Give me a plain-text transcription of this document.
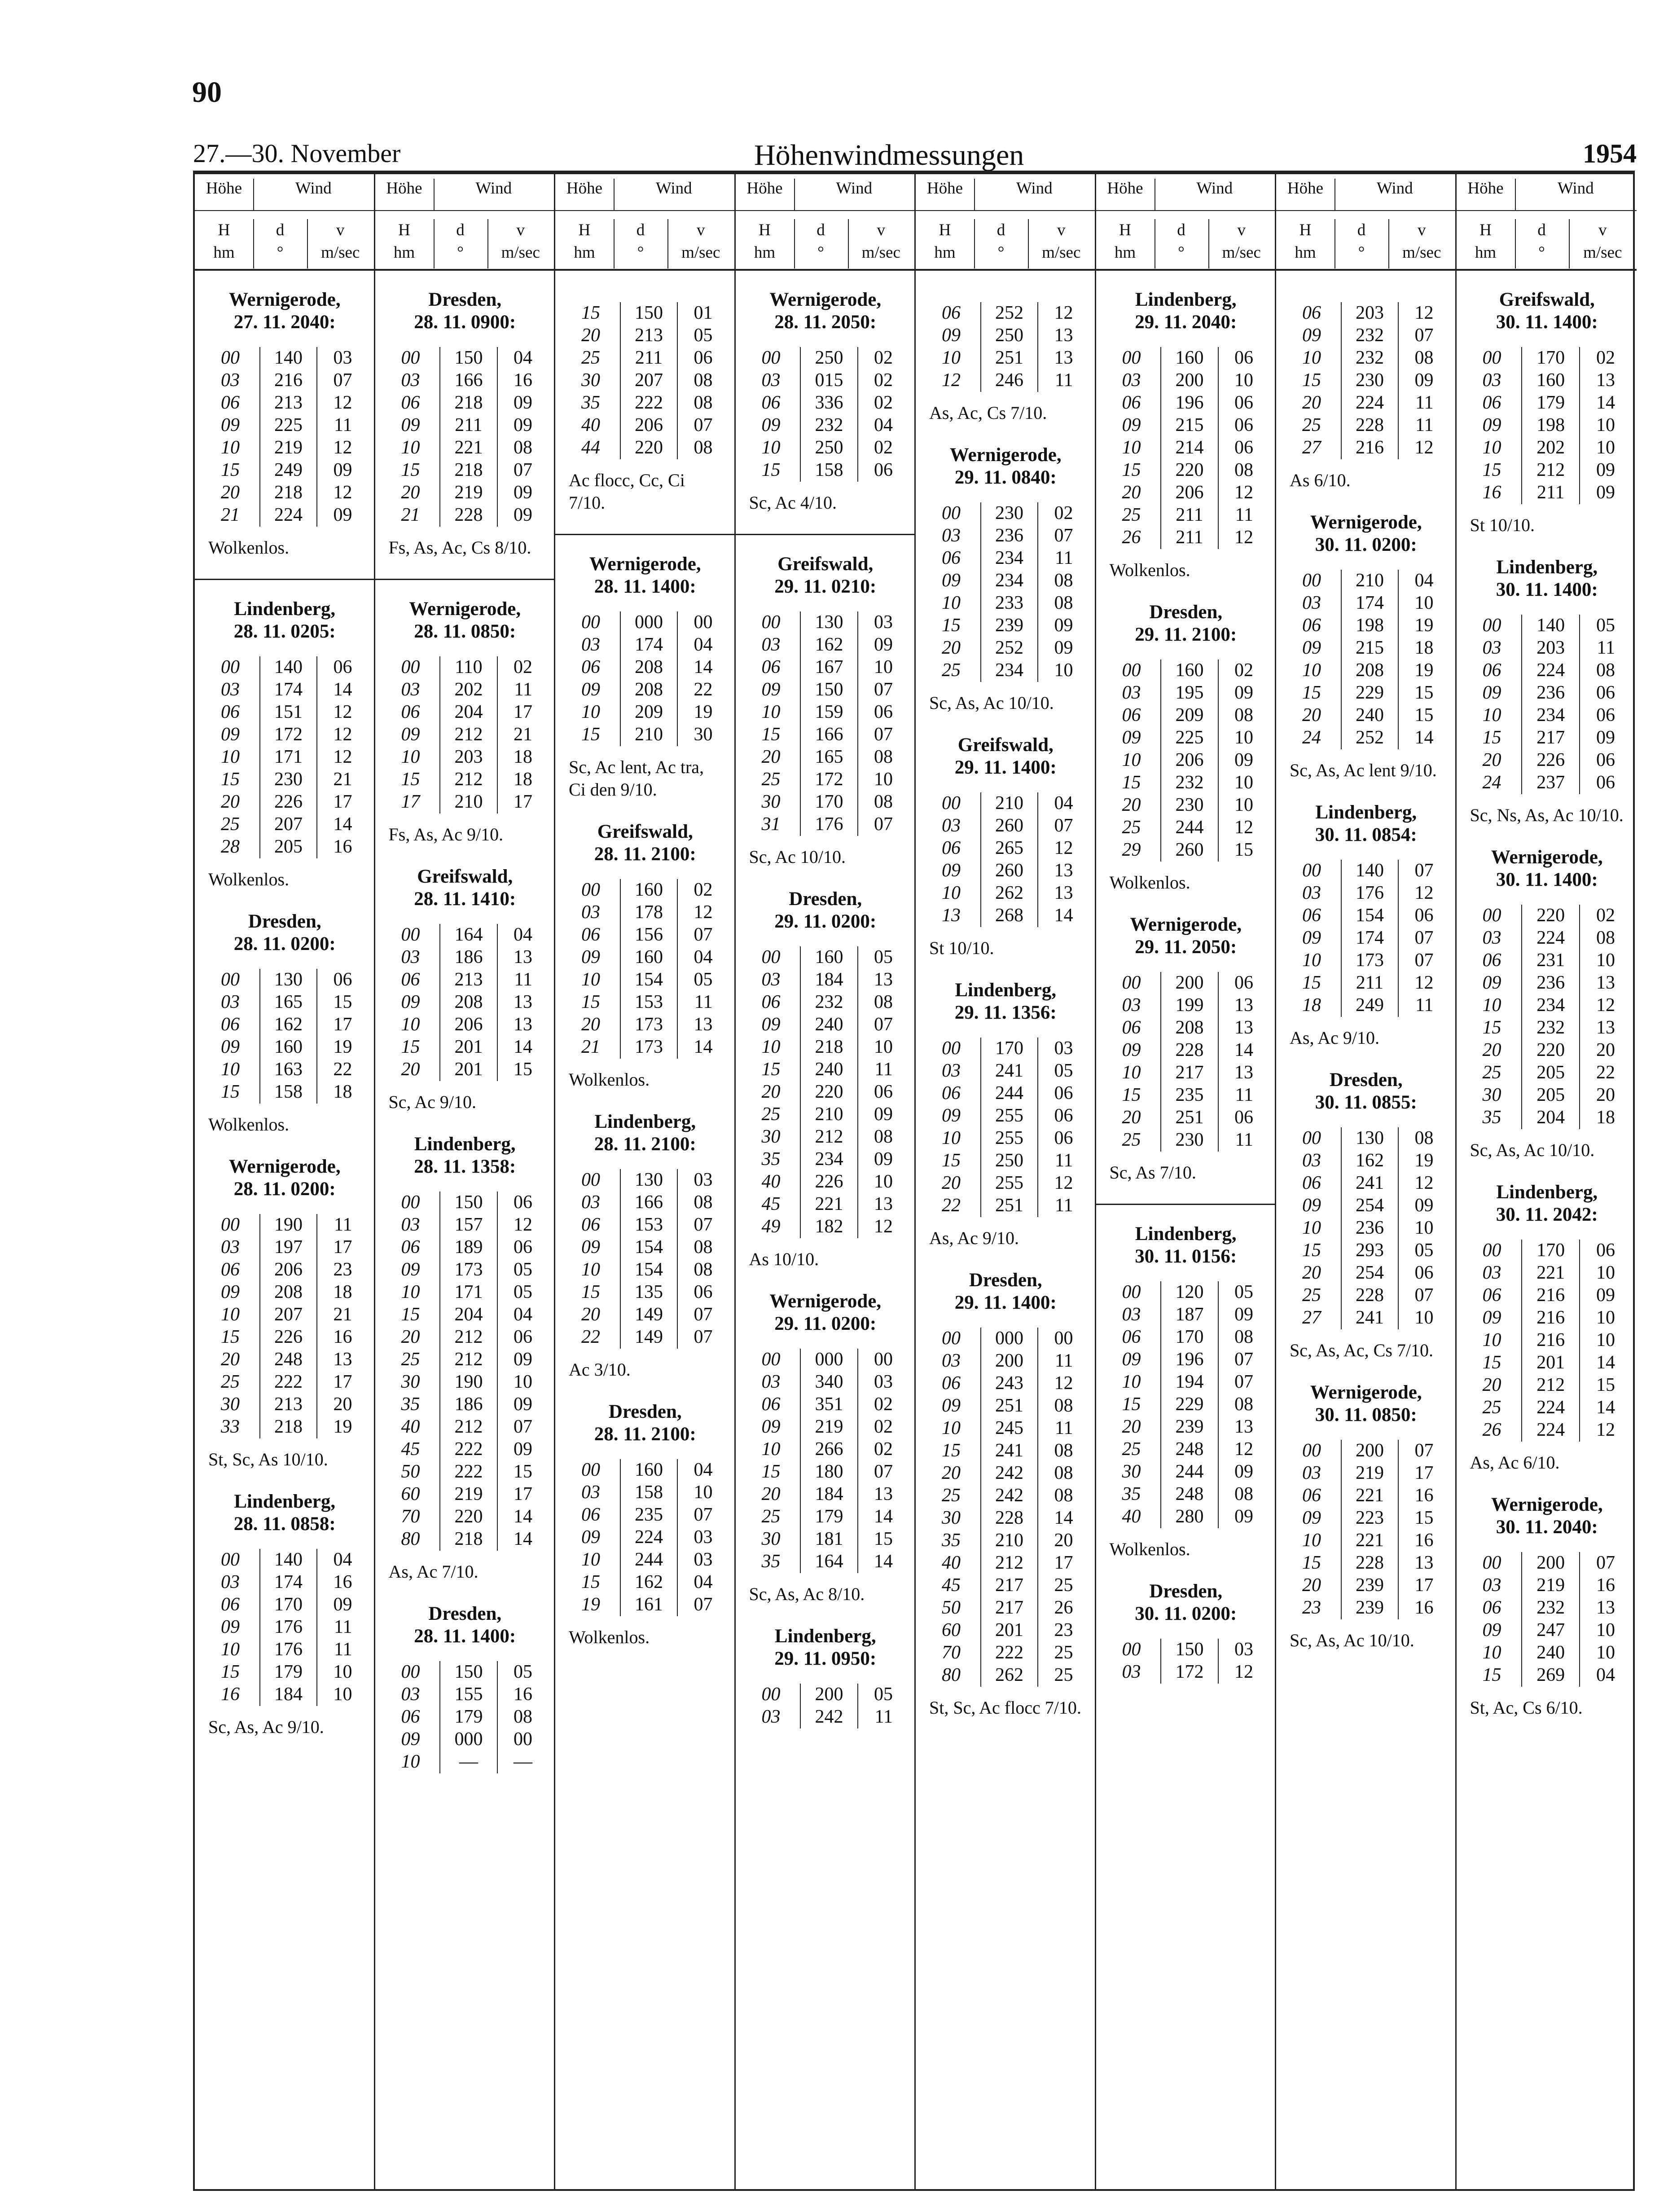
90
27.—30. November	Höhenwindmessungen	1954
Höhe	Wind
H
hm
d
°
v
m/sec
Wernigerode,
27. 11. 2040:
00	140	03
03	216	07
06	213	12
09	225	11
10	219	12
15	249	09
20	218	12
21	224	09
Wolkenlos.
Lindenberg,
28. 11. 0205:
00	140	06
03	174	14
06	151	12
09	172	12
10	171	12
15	230	21
20	226	17
25	207	14
28	205	16
Wolkenlos.
Dresden,
28. 11. 0200:
00	130	06
03	165	15
06	162	17
09	160	19
10	163	22
15	158	18
Wolkenlos.
Wernigerode,
28. 11. 0200:
00	190	11
03	197	17
06	206	23
09	208	18
10	207	21
15	226	16
20	248	13
25	222	17
30	213	20
33	218	19
St, Sc, As 10/10.
Lindenberg,
28. 11. 0858:
00	140	04
03	174	16
06	170	09
09	176	11
10	176	11
15	179	10
16	184	10
Sc, As, Ac 9/10.
Höhe	Wind
H
hm
d
°
v
m/sec
Dresden,
28. 11. 0900:
00	150	04
03	166	16
06	218	09
09	211	09
10	221	08
15	218	07
20	219	09
21	228	09
Fs, As, Ac, Cs 8/10.
Wernigerode,
28. 11. 0850:
00	110	02
03	202	11
06	204	17
09	212	21
10	203	18
15	212	18
17	210	17
Fs, As, Ac 9/10.
Greifswald,
28. 11. 1410:
00	164	04
03	186	13
06	213	11
09	208	13
10	206	13
15	201	14
20	201	15
Sc, Ac 9/10.
Lindenberg,
28. 11. 1358:
00	150	06
03	157	12
06	189	06
09	173	05
10	171	05
15	204	04
20	212	06
25	212	09
30	190	10
35	186	09
40	212	07
45	222	09
50	222	15
60	219	17
70	220	14
80	218	14
As, Ac 7/10.
Dresden,
28. 11. 1400:
00	150	05
03	155	16
06	179	08
09	000	00
10	—	—
Höhe	Wind
H
hm
d
°
v
m/sec
15	150	01
20	213	05
25	211	06
30	207	08
35	222	08
40	206	07
44	220	08
Ac flocc, Cc, Ci 7/10.
Wernigerode,
28. 11. 1400:
00	000	00
03	174	04
06	208	14
09	208	22
10	209	19
15	210	30
Sc, Ac lent, Ac tra, Ci den 9/10.
Greifswald,
28. 11. 2100:
00	160	02
03	178	12
06	156	07
09	160	04
10	154	05
15	153	11
20	173	13
21	173	14
Wolkenlos.
Lindenberg,
28. 11. 2100:
00	130	03
03	166	08
06	153	07
09	154	08
10	154	08
15	135	06
20	149	07
22	149	07
Ac 3/10.
Dresden,
28. 11. 2100:
00	160	04
03	158	10
06	235	07
09	224	03
10	244	03
15	162	04
19	161	07
Wolkenlos.
Höhe	Wind
H
hm
d
°
v
m/sec
Wernigerode,
28. 11. 2050:
00	250	02
03	015	02
06	336	02
09	232	04
10	250	02
15	158	06
Sc, Ac 4/10.
Greifswald,
29. 11. 0210:
00	130	03
03	162	09
06	167	10
09	150	07
10	159	06
15	166	07
20	165	08
25	172	10
30	170	08
31	176	07
Sc, Ac 10/10.
Dresden,
29. 11. 0200:
00	160	05
03	184	13
06	232	08
09	240	07
10	218	10
15	240	11
20	220	06
25	210	09
30	212	08
35	234	09
40	226	10
45	221	13
49	182	12
As 10/10.
Wernigerode,
29. 11. 0200:
00	000	00
03	340	03
06	351	02
09	219	02
10	266	02
15	180	07
20	184	13
25	179	14
30	181	15
35	164	14
Sc, As, Ac 8/10.
Lindenberg,
29. 11. 0950:
00	200	05
03	242	11
Höhe	Wind
H
hm
d
°
v
m/sec
06	252	12
09	250	13
10	251	13
12	246	11
As, Ac, Cs 7/10.
Wernigerode,
29. 11. 0840:
00	230	02
03	236	07
06	234	11
09	234	08
10	233	08
15	239	09
20	252	09
25	234	10
Sc, As, Ac 10/10.
Greifswald,
29. 11. 1400:
00	210	04
03	260	07
06	265	12
09	260	13
10	262	13
13	268	14
St 10/10.
Lindenberg,
29. 11. 1356:
00	170	03
03	241	05
06	244	06
09	255	06
10	255	06
15	250	11
20	255	12
22	251	11
As, Ac 9/10.
Dresden,
29. 11. 1400:
00	000	00
03	200	11
06	243	12
09	251	08
10	245	11
15	241	08
20	242	08
25	242	08
30	228	14
35	210	20
40	212	17
45	217	25
50	217	26
60	201	23
70	222	25
80	262	25
St, Sc, Ac flocc 7/10.
Höhe	Wind
H
hm
d
°
v
m/sec
Lindenberg,
29. 11. 2040:
00	160	06
03	200	10
06	196	06
09	215	06
10	214	06
15	220	08
20	206	12
25	211	11
26	211	12
Wolkenlos.
Dresden,
29. 11. 2100:
00	160	02
03	195	09
06	209	08
09	225	10
10	206	09
15	232	10
20	230	10
25	244	12
29	260	15
Wolkenlos.
Wernigerode,
29. 11. 2050:
00	200	06
03	199	13
06	208	13
09	228	14
10	217	13
15	235	11
20	251	06
25	230	11
Sc, As 7/10.
Lindenberg,
30. 11. 0156:
00	120	05
03	187	09
06	170	08
09	196	07
10	194	07
15	229	08
20	239	13
25	248	12
30	244	09
35	248	08
40	280	09
Wolkenlos.
Dresden,
30. 11. 0200:
00	150	03
03	172	12
Höhe	Wind
H
hm
d
°
v
m/sec
06	203	12
09	232	07
10	232	08
15	230	09
20	224	11
25	228	11
27	216	12
As 6/10.
Wernigerode,
30. 11. 0200:
00	210	04
03	174	10
06	198	19
09	215	18
10	208	19
15	229	15
20	240	15
24	252	14
Sc, As, Ac lent 9/10.
Lindenberg,
30. 11. 0854:
00	140	07
03	176	12
06	154	06
09	174	07
10	173	07
15	211	12
18	249	11
As, Ac 9/10.
Dresden,
30. 11. 0855:
00	130	08
03	162	19
06	241	12
09	254	09
10	236	10
15	293	05
20	254	06
25	228	07
27	241	10
Sc, As, Ac, Cs 7/10.
Wernigerode,
30. 11. 0850:
00	200	07
03	219	17
06	221	16
09	223	15
10	221	16
15	228	13
20	239	17
23	239	16
Sc, As, Ac 10/10.
Höhe	Wind
H
hm
d
°
v
m/sec
Greifswald,
30. 11. 1400:
00	170	02
03	160	13
06	179	14
09	198	10
10	202	10
15	212	09
16	211	09
St 10/10.
Lindenberg,
30. 11. 1400:
00	140	05
03	203	11
06	224	08
09	236	06
10	234	06
15	217	09
20	226	06
24	237	06
Sc, Ns, As, Ac 10/10.
Wernigerode,
30. 11. 1400:
00	220	02
03	224	08
06	231	10
09	236	13
10	234	12
15	232	13
20	220	20
25	205	22
30	205	20
35	204	18
Sc, As, Ac 10/10.
Lindenberg,
30. 11. 2042:
00	170	06
03	221	10
06	216	09
09	216	10
10	216	10
15	201	14
20	212	15
25	224	14
26	224	12
As, Ac 6/10.
Wernigerode,
30. 11. 2040:
00	200	07
03	219	16
06	232	13
09	247	10
10	240	10
15	269	04
St, Ac, Cs 6/10.
